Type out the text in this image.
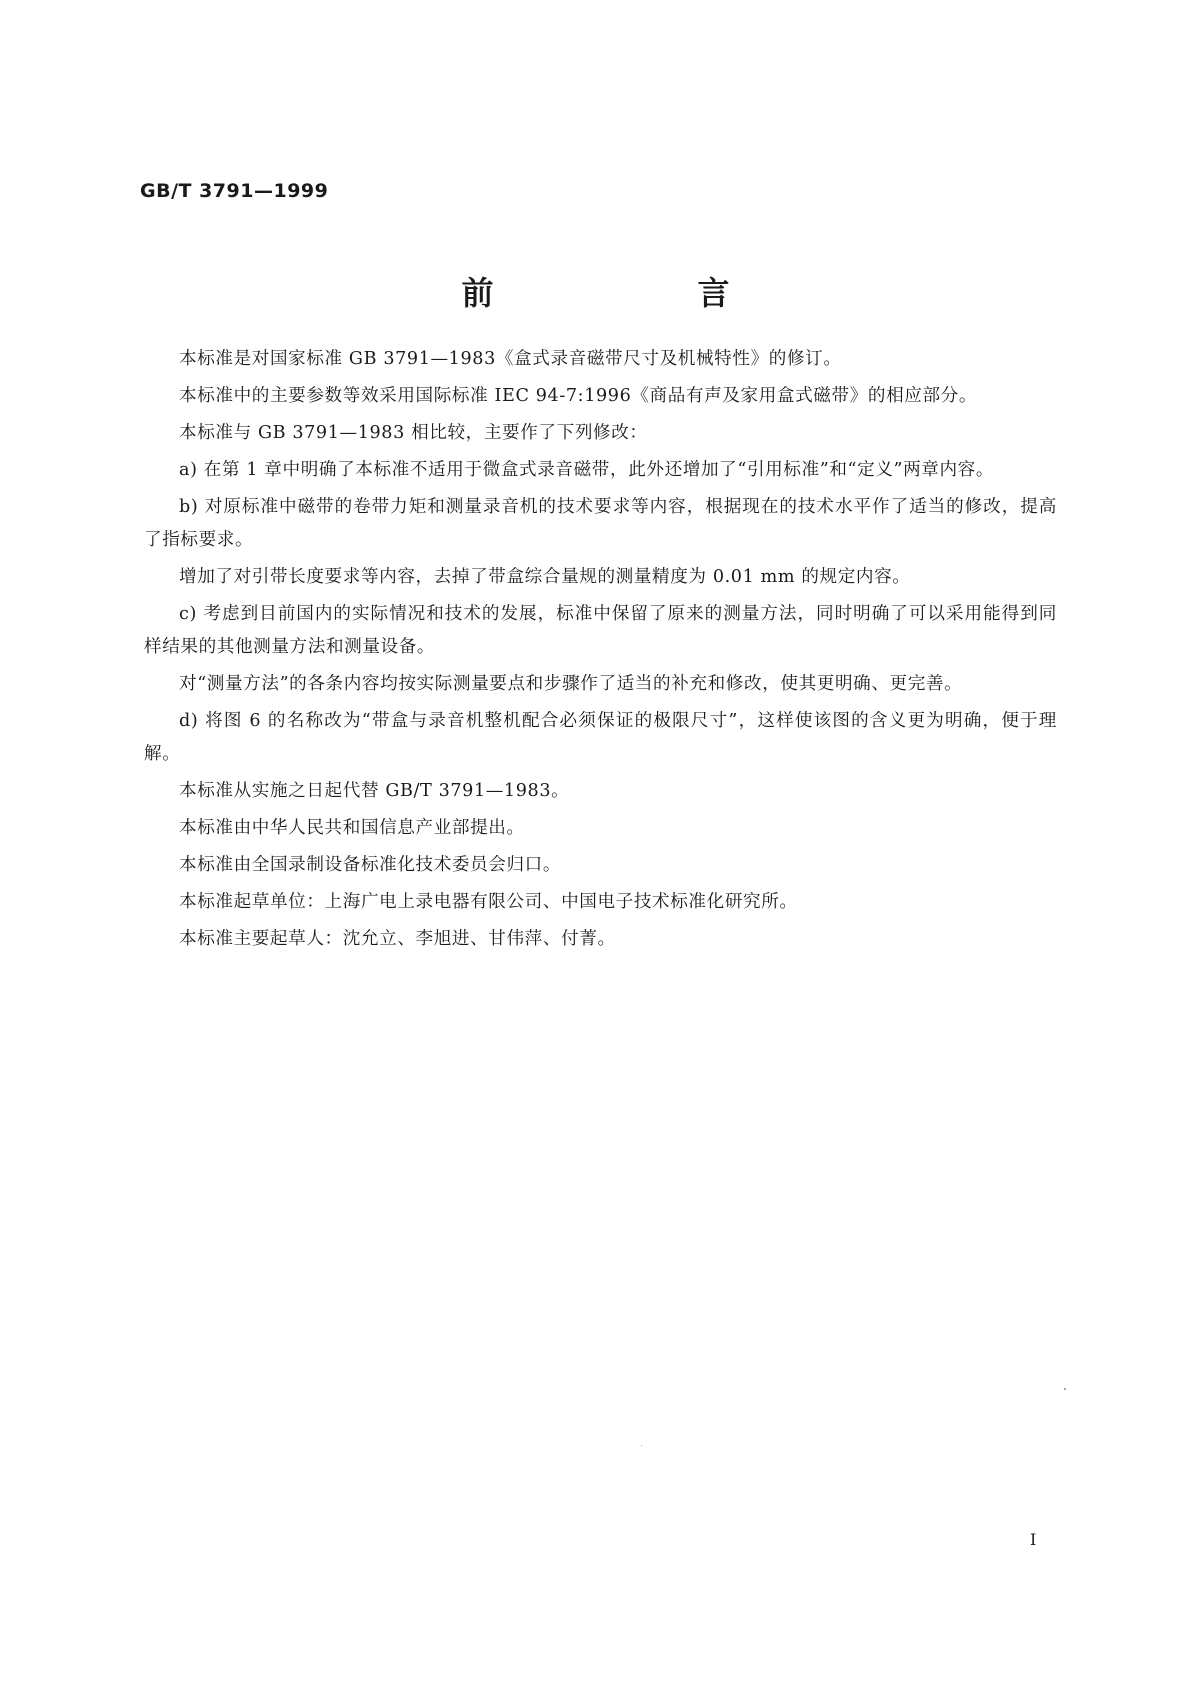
GB/T 3791—1999
前　言

本标准是对国家标准 GB 3791—1983《盒式录音磁带尺寸及机械特性》的修订。

本标准中的主要参数等效采用国际标准 IEC 94-7:1996《商品有声及家用盒式磁带》的相应部分。

本标准与 GB 3791—1983 相比较，主要作了下列修改：

a) 在第 1 章中明确了本标准不适用于微盒式录音磁带，此外还增加了“引用标准”和“定义”两章内容。

b) 对原标准中磁带的卷带力矩和测量录音机的技术要求等内容，根据现在的技术水平作了适当的修改，提高了指标要求。

增加了对引带长度要求等内容，去掉了带盒综合量规的测量精度为 0.01 mm 的规定内容。

c) 考虑到目前国内的实际情况和技术的发展，标准中保留了原来的测量方法，同时明确了可以采用能得到同样结果的其他测量方法和测量设备。

对“测量方法”的各条内容均按实际测量要点和步骤作了适当的补充和修改，使其更明确、更完善。

d) 将图 6 的名称改为“带盒与录音机整机配合必须保证的极限尺寸”，这样使该图的含义更为明确，便于理解。

本标准从实施之日起代替 GB/T 3791—1983。

本标准由中华人民共和国信息产业部提出。

本标准由全国录制设备标准化技术委员会归口。

本标准起草单位：上海广电上录电器有限公司、中国电子技术标准化研究所。

本标准主要起草人：沈允立、李旭进、甘伟萍、付菁。

I
